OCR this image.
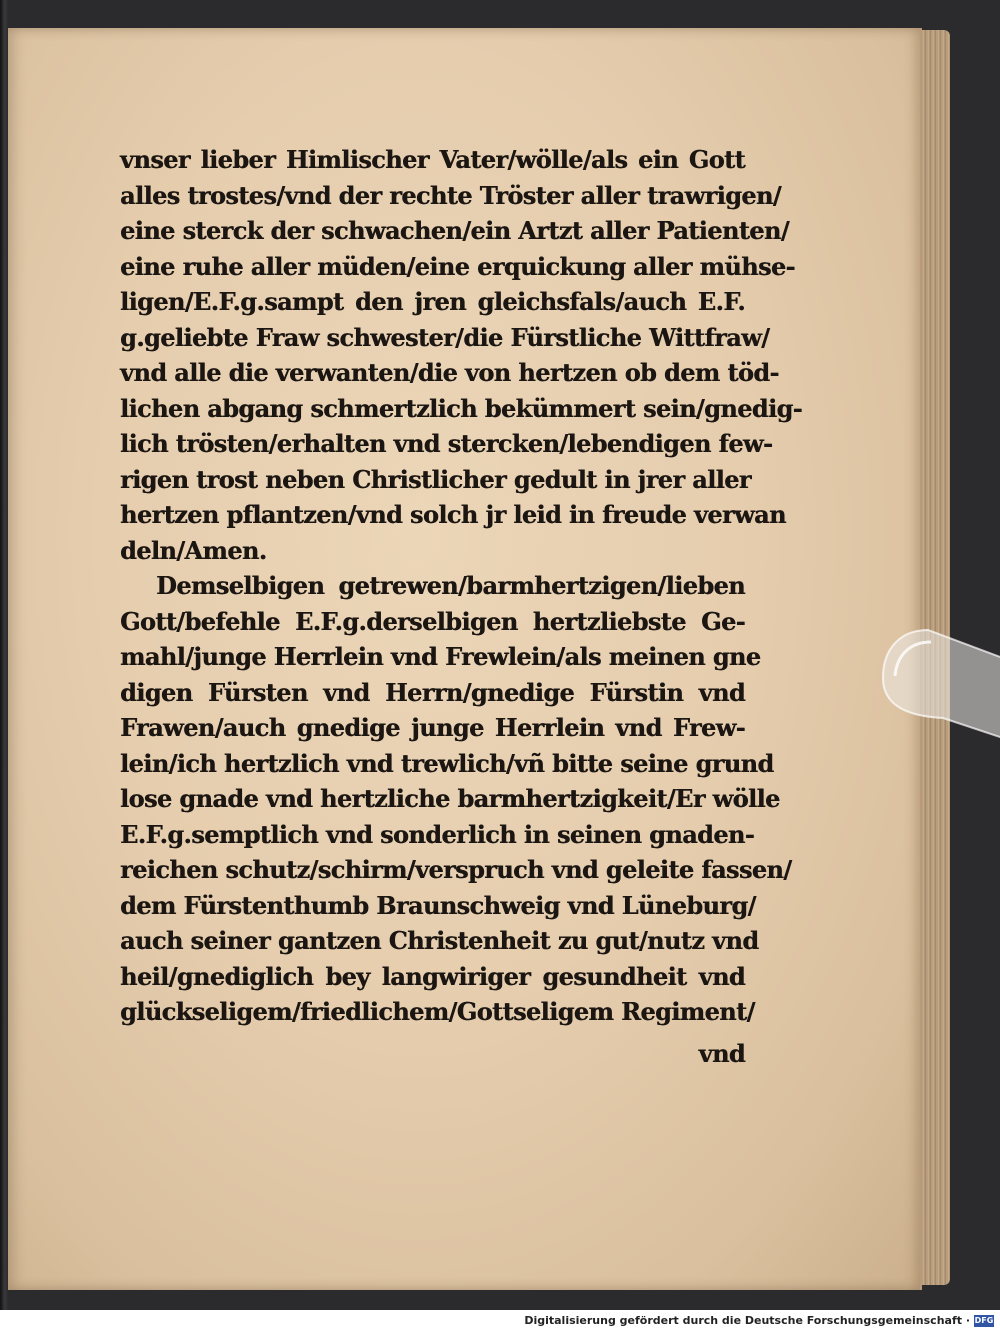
vnser lieber Himlischer Vater/wölle/als ein Gott
alles trostes/vnd der rechte Tröster aller trawrigen/
eine sterck der schwachen/ein Artzt aller Patienten/
eine ruhe aller müden/eine erquickung aller mühse-
ligen/E.F.g.sampt den jren gleichsfals/auch E.F.
g.geliebte Fraw schwester/die Fürstliche Wittfraw/
vnd alle die verwanten/die von hertzen ob dem töd-
lichen abgang schmertzlich bekümmert sein/gnedig-
lich trösten/erhalten vnd stercken/lebendigen few-
rigen trost neben Christlicher gedult in jrer aller
hertzen pflantzen/vnd solch jr leid in freude verwan
deln/Amen.
Demselbigen getrewen/barmhertzigen/lieben
Gott/befehle E.F.g.derselbigen hertzliebste Ge-
mahl/junge Herrlein vnd Frewlein/als meinen gne
digen Fürsten vnd Herrn/gnedige Fürstin vnd
Frawen/auch gnedige junge Herrlein vnd Frew-
lein/ich hertzlich vnd trewlich/vñ bitte seine grund
lose gnade vnd hertzliche barmhertzigkeit/Er wölle
E.F.g.semptlich vnd sonderlich in seinen gnaden-
reichen schutz/schirm/verspruch vnd geleite fassen/
dem Fürstenthumb Braunschweig vnd Lüneburg/
auch seiner gantzen Christenheit zu gut/nutz vnd
heil/gnediglich bey langwiriger gesundheit vnd
glückseligem/friedlichem/Gottseligem Regiment/
vnd
Digitalisierung gefördert durch die Deutsche Forschungsgemeinschaft · DFG
